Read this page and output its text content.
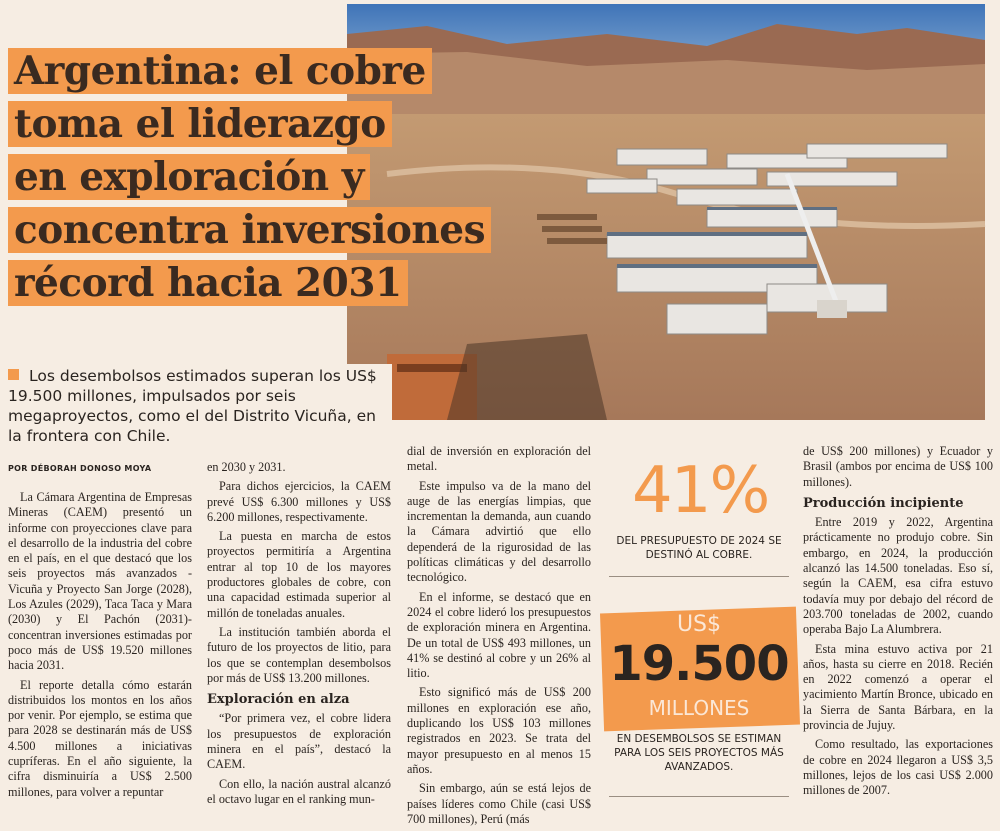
Argentina: el cobre
toma el liderazgo
en exploración y
concentra inversiones
récord hacia 2031
Los desembolsos estimados superan los US$ 19.500 millones, impulsados por seis megaproyectos, como el del Distrito Vicuña, en la frontera con Chile.
POR DÉBORAH DONOSO MOYA

La Cámara Argentina de Empresas Mineras (CAEM) presentó un informe con proyecciones clave para el desarrollo de la industria del cobre en el país, en el que destacó que los seis proyectos más avanzados -Vicuña y Proyecto San Jorge (2028), Los Azules (2029), Taca Taca y Mara (2030) y El Pachón (2031)- concentran inversiones estimadas por poco más de US$ 19.520 millones hacia 2031.

El reporte detalla cómo estarán distribuidos los montos en los años por venir. Por ejemplo, se estima que para 2028 se destinarán más de US$ 4.500 millones a iniciativas cupríferas. En el año siguiente, la cifra disminuiría a US$ 2.500 millones, para volver a repuntar

en 2030 y 2031.

Para dichos ejercicios, la CAEM prevé US$ 6.300 millones y US$ 6.200 millones, respectivamente.

La puesta en marcha de estos proyectos permitiría a Argentina entrar al top 10 de los mayores productores globales de cobre, con una capacidad estimada superior al millón de toneladas anuales.

La institución también aborda el futuro de los proyectos de litio, para los que se contemplan desembolsos por más de US$ 13.200 millones.

Exploración en alza

“Por primera vez, el cobre lidera los presupuestos de exploración minera en el país”, destacó la CAEM.

Con ello, la nación austral alcanzó el octavo lugar en el ranking mun-

dial de inversión en exploración del metal.

Este impulso va de la mano del auge de las energías limpias, que incrementan la demanda, aun cuando la Cámara advirtió que ello dependerá de la rigurosidad de las políticas climáticas y del desarrollo tecnológico.

En el informe, se destacó que en 2024 el cobre lideró los presupuestos de exploración minera en Argentina. De un total de US$ 493 millones, un 41% se destinó al cobre y un 26% al litio.

Esto significó más de US$ 200 millones en exploración ese año, duplicando los US$ 103 millones registrados en 2023. Se trata del mayor presupuesto en al menos 15 años.

Sin embargo, aún se está lejos de países líderes como Chile (casi US$ 700 millones), Perú (más

41%
DEL PRESUPUESTO DE 2024 SE DESTINÓ AL COBRE.
US$
19.500
MILLONES
EN DESEMBOLSOS SE ESTIMAN PARA LOS SEIS PROYECTOS MÁS AVANZADOS.

de US$ 200 millones) y Ecuador y Brasil (ambos por encima de US$ 100 millones).

Producción incipiente

Entre 2019 y 2022, Argentina prácticamente no produjo cobre. Sin embargo, en 2024, la producción alcanzó las 14.500 toneladas. Eso sí, según la CAEM, esa cifra estuvo todavía muy por debajo del récord de 203.700 toneladas de 2002, cuando operaba Bajo La Alumbrera.

Esta mina estuvo activa por 21 años, hasta su cierre en 2018. Recién en 2022 comenzó a operar el yacimiento Martín Bronce, ubicado en la Sierra de Santa Bárbara, en la provincia de Jujuy.

Como resultado, las exportaciones de cobre en 2024 llegaron a US$ 3,5 millones, lejos de los casi US$ 2.000 millones de 2007.
